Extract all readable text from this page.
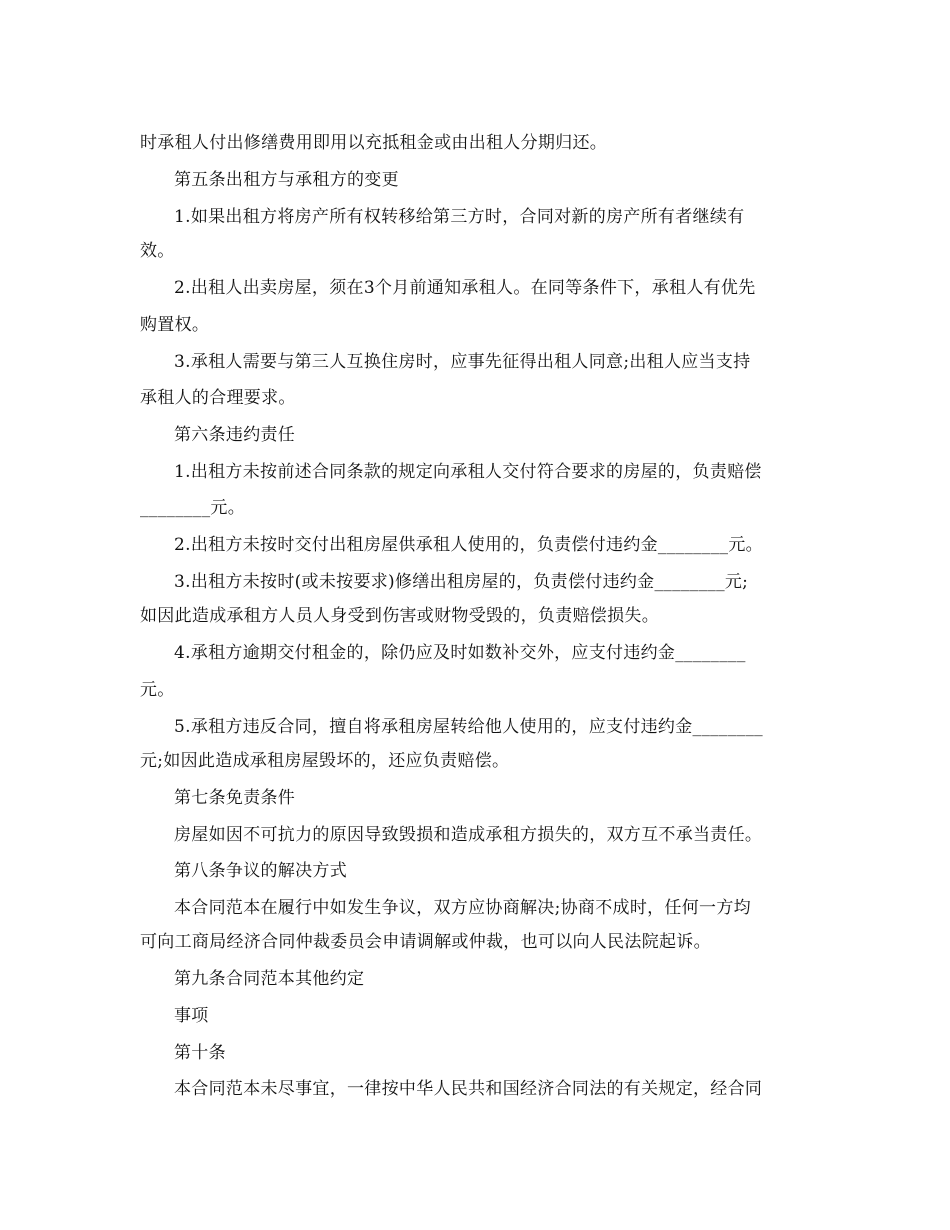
时承租人付出修缮费用即用以充抵租金或由出租人分期归还。
第五条出租方与承租方的变更
1.如果出租方将房产所有权转移给第三方时，合同对新的房产所有者继续有
效。
2.出租人出卖房屋，须在3个月前通知承租人。在同等条件下，承租人有优先
购置权。
3.承租人需要与第三人互换住房时，应事先征得出租人同意;出租人应当支持
承租人的合理要求。
第六条违约责任
1.出租方未按前述合同条款的规定向承租人交付符合要求的房屋的，负责赔偿
________元。
2.出租方未按时交付出租房屋供承租人使用的，负责偿付违约金________元。
3.出租方未按时(或未按要求)修缮出租房屋的，负责偿付违约金________元;
如因此造成承租方人员人身受到伤害或财物受毁的，负责赔偿损失。
4.承租方逾期交付租金的，除仍应及时如数补交外，应支付违约金________
元。
5.承租方违反合同，擅自将承租房屋转给他人使用的，应支付违约金________
元;如因此造成承租房屋毁坏的，还应负责赔偿。
第七条免责条件
房屋如因不可抗力的原因导致毁损和造成承租方损失的，双方互不承当责任。
第八条争议的解决方式
本合同范本在履行中如发生争议，双方应协商解决;协商不成时，任何一方均
可向工商局经济合同仲裁委员会申请调解或仲裁，也可以向人民法院起诉。
第九条合同范本其他约定
事项
第十条
本合同范本未尽事宜，一律按中华人民共和国经济合同法的有关规定，经合同
